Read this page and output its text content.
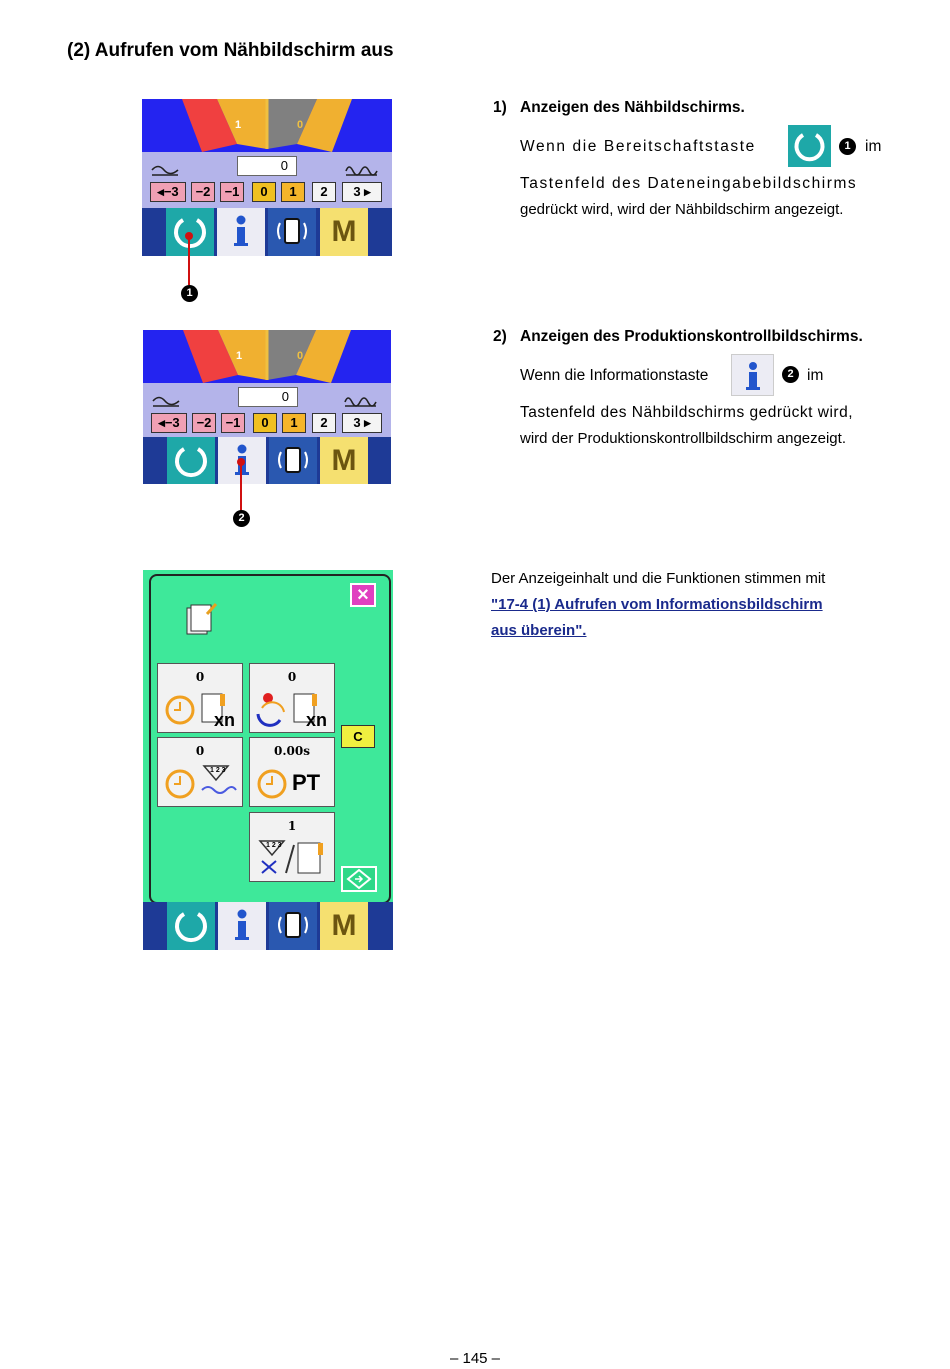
(2) Aufrufen vom Nähbildschirm aus
1) Anzeigen des Nähbildschirms.
Wenn die Bereitschaftstaste	1 im
Tastenfeld des Dateneingabebildschirms
gedrückt wird, wird der Nähbildschirm angezeigt.
2) Anzeigen des Produktionskontrollbildschirms.
Wenn die Informationstaste	2 im
Tastenfeld des Nähbildschirms gedrückt wird,
wird der Produktionskontrollbildschirm angezeigt.
Der Anzeigeinhalt und die Funktionen stimmen mit
"17-4 (1) Aufrufen vom Informationsbildschirm
aus überein".
1	0
0
◂−3	−2	−1	0	1	2	3 ▸
M
1
1	0
0
◂−3	−2	−1	0	1	2	3 ▸
M
2
×
0
xn
0
xn
0
1 2 3
0.00s
PT
1
1 2 3
C
M
– 145 –
